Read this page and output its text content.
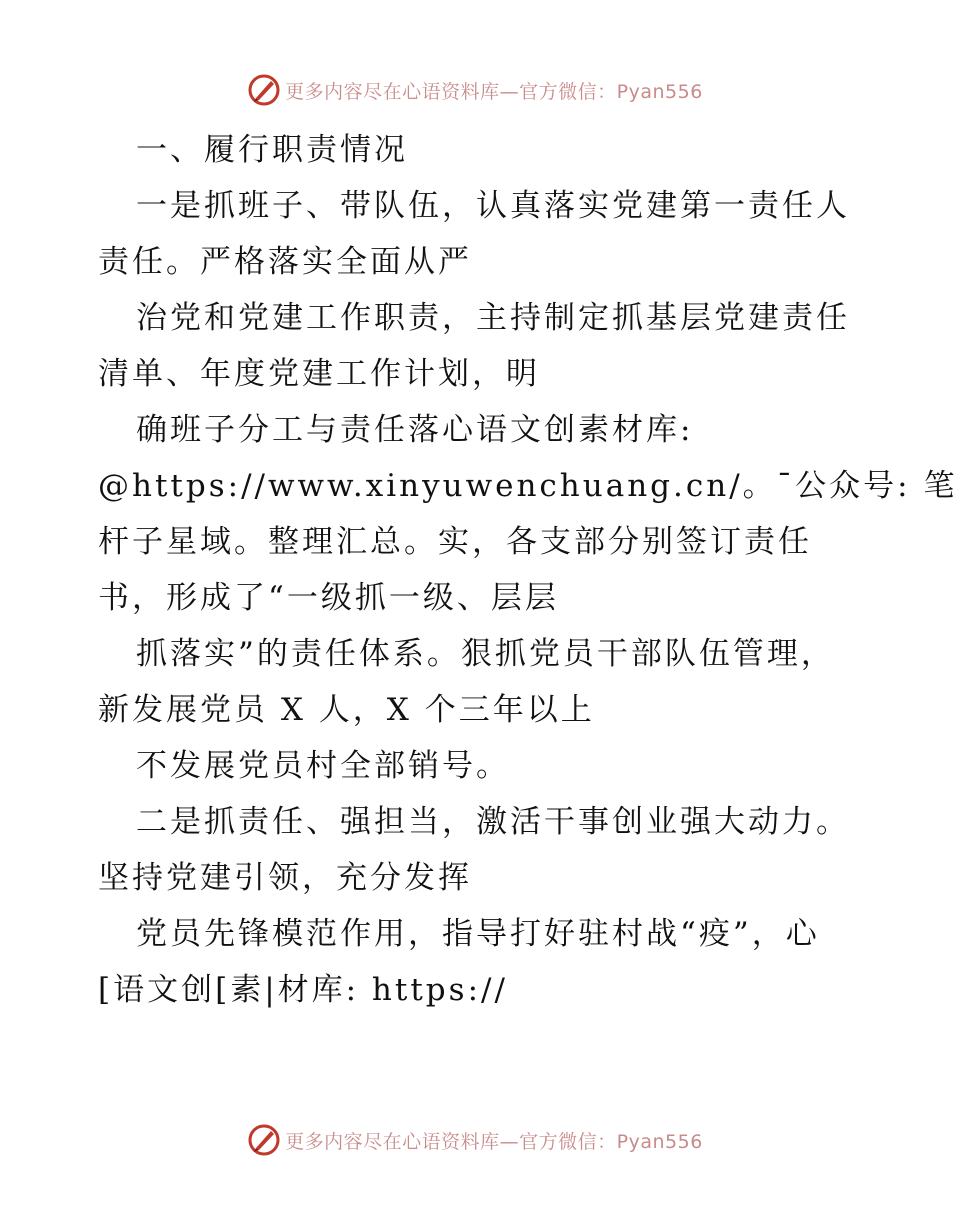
更多内容尽在心语资料库—官方微信：Pyan556
一、履行职责情况
一是抓班子、带队伍，认真落实党建第一责任人
责任。严格落实全面从严
治党和党建工作职责，主持制定抓基层党建责任
清单、年度党建工作计划，明
确班子分工与责任落心语文创素材库:
@https://www.xinyuwenchuang.cn/。¯公众号: 笔
杆子星域。整理汇总。实，各支部分别签订责任
书，形成了“一级抓一级、层层
抓落实”的责任体系。狠抓党员干部队伍管理，
新发展党员 X 人，X 个三年以上
不发展党员村全部销号。
二是抓责任、强担当，激活干事创业强大动力。
坚持党建引领，充分发挥
党员先锋模范作用，指导打好驻村战“疫”，心
[语文创[素|材库: https://
更多内容尽在心语资料库—官方微信：Pyan556
